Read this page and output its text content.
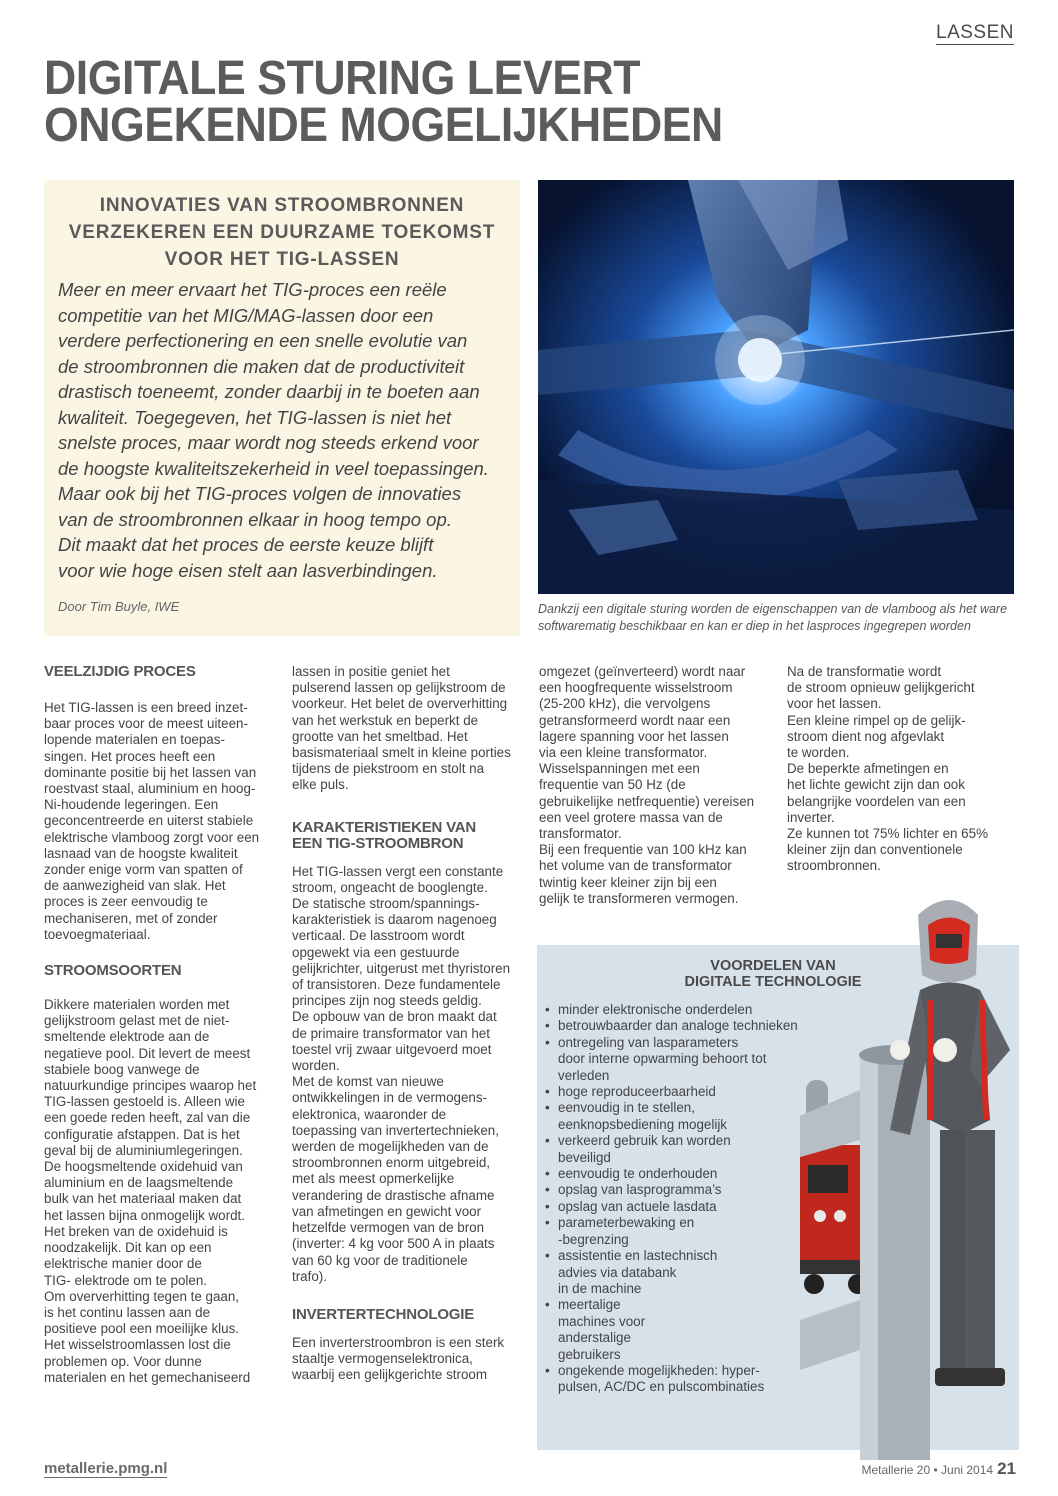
LASSEN
DIGITALE STURING LEVERT
ONGEKENDE MOGELIJKHEDEN
INNOVATIES VAN STROOMBRONNEN
VERZEKEREN EEN DUURZAME TOEKOMST
VOOR HET TIG-LASSEN
Meer en meer ervaart het TIG-proces een reële
competitie van het MIG/MAG-lassen door een
verdere perfectionering en een snelle evolutie van
de stroombronnen die maken dat de productiviteit
drastisch toeneemt, zonder daarbij in te boeten aan
kwaliteit. Toegegeven, het TIG-lassen is niet het
snelste proces, maar wordt nog steeds erkend voor
de hoogste kwaliteitszekerheid in veel toepassingen.
Maar ook bij het TIG-proces volgen de innovaties
van de stroombronnen elkaar in hoog tempo op.
Dit maakt dat het proces de eerste keuze blijft
voor wie hoge eisen stelt aan lasverbindingen.
Door Tim Buyle, IWE	Dankzij een digitale sturing worden de eigenschappen van de vlamboog als het ware
softwarematig beschikbaar en kan er diep in het lasproces ingegrepen worden
VEELZIJDIG PROCES

Het TIG-lassen is een breed inzet-
baar proces voor de meest uiteen-
lopende materialen en toepas-
singen. Het proces heeft een
dominante positie bij het lassen van
roestvast staal, aluminium en hoog-
Ni-houdende legeringen. Een
geconcentreerde en uiterst stabiele
elektrische vlamboog zorgt voor een
lasnaad van de hoogste kwaliteit
zonder enige vorm van spatten of
de aanwezigheid van slak. Het
proces is zeer eenvoudig te
mechaniseren, met of zonder
toevoegmateriaal.

STROOMSOORTEN

Dikkere materialen worden met
gelijkstroom gelast met de niet-
smeltende elektrode aan de
negatieve pool. Dit levert de meest
stabiele boog vanwege de
natuurkundige principes waarop het
TIG-lassen gestoeld is. Alleen wie
een goede reden heeft, zal van die
configuratie afstappen. Dat is het
geval bij de aluminiumlegeringen.
De hoogsmeltende oxidehuid van
aluminium en de laagsmeltende
bulk van het materiaal maken dat
het lassen bijna onmogelijk wordt.
Het breken van de oxidehuid is
noodzakelijk. Dit kan op een
elektrische manier door de
TIG- elektrode om te polen.
Om oververhitting tegen te gaan,
is het continu lassen aan de
positieve pool een moeilijke klus.
Het wisselstroomlassen lost die
problemen op. Voor dunne
materialen en het gemechaniseerd

lassen in positie geniet het
pulserend lassen op gelijkstroom de
voorkeur. Het belet de oververhitting
van het werkstuk en beperkt de
grootte van het smeltbad. Het
basismateriaal smelt in kleine porties
tijdens de piekstroom en stolt na
elke puls.

KARAKTERISTIEKEN VAN
EEN TIG-STROOMBRON

Het TIG-lassen vergt een constante
stroom, ongeacht de booglengte.
De statische stroom/spannings-
karakteristiek is daarom nagenoeg
verticaal. De lasstroom wordt
opgewekt via een gestuurde
gelijkrichter, uitgerust met thyristoren
of transistoren. Deze fundamentele
principes zijn nog steeds geldig.
De opbouw van de bron maakt dat
de primaire transformator van het
toestel vrij zwaar uitgevoerd moet
worden.
Met de komst van nieuwe
ontwikkelingen in de vermogens-
elektronica, waaronder de
toepassing van invertertechnieken,
werden de mogelijkheden van de
stroombronnen enorm uitgebreid,
met als meest opmerkelijke
verandering de drastische afname
van afmetingen en gewicht voor
hetzelfde vermogen van de bron
(inverter: 4 kg voor 500 A in plaats
van 60 kg voor de traditionele
trafo).

INVERTERTECHNOLOGIE

Een inverterstroombron is een sterk
staaltje vermogenselektronica,
waarbij een gelijkgerichte stroom

omgezet (geïnverteerd) wordt naar
een hoogfrequente wisselstroom
(25-200 kHz), die vervolgens
getransformeerd wordt naar een
lagere spanning voor het lassen
via een kleine transformator.
Wisselspanningen met een
frequentie van 50 Hz (de
gebruikelijke netfrequentie) vereisen
een veel grotere massa van de
transformator.
Bij een frequentie van 100 kHz kan
het volume van de transformator
twintig keer kleiner zijn bij een
gelijk te transformeren vermogen.

Na de transformatie wordt
de stroom opnieuw gelijkgericht
voor het lassen.
Een kleine rimpel op de gelijk-
stroom dient nog afgevlakt
te worden.
De beperkte afmetingen en
het lichte gewicht zijn dan ook
belangrijke voordelen van een
inverter.
Ze kunnen tot 75% lichter en 65%
kleiner zijn dan conventionele
stroombronnen.

VOORDELEN VAN
DIGITALE TECHNOLOGIE
• minder elektronische onderdelen
• betrouwbaarder dan analoge technieken
• ontregeling van lasparameters
door interne opwarming behoort tot
verleden
• hoge reproduceerbaarheid
• eenvoudig in te stellen,
eenknopsbediening mogelijk
• verkeerd gebruik kan worden
beveiligd
• eenvoudig te onderhouden
• opslag van lasprogramma’s
• opslag van actuele lasdata
• parameterbewaking en
-begrenzing
• assistentie en lastechnisch
advies via databank
in de machine
• meertalige
machines voor
anderstalige
gebruikers
• ongekende mogelijkheden: hyper-
pulsen, AC/DC en pulscombinaties
metallerie.pmg.nl	Metallerie 20 • Juni 2014 21
